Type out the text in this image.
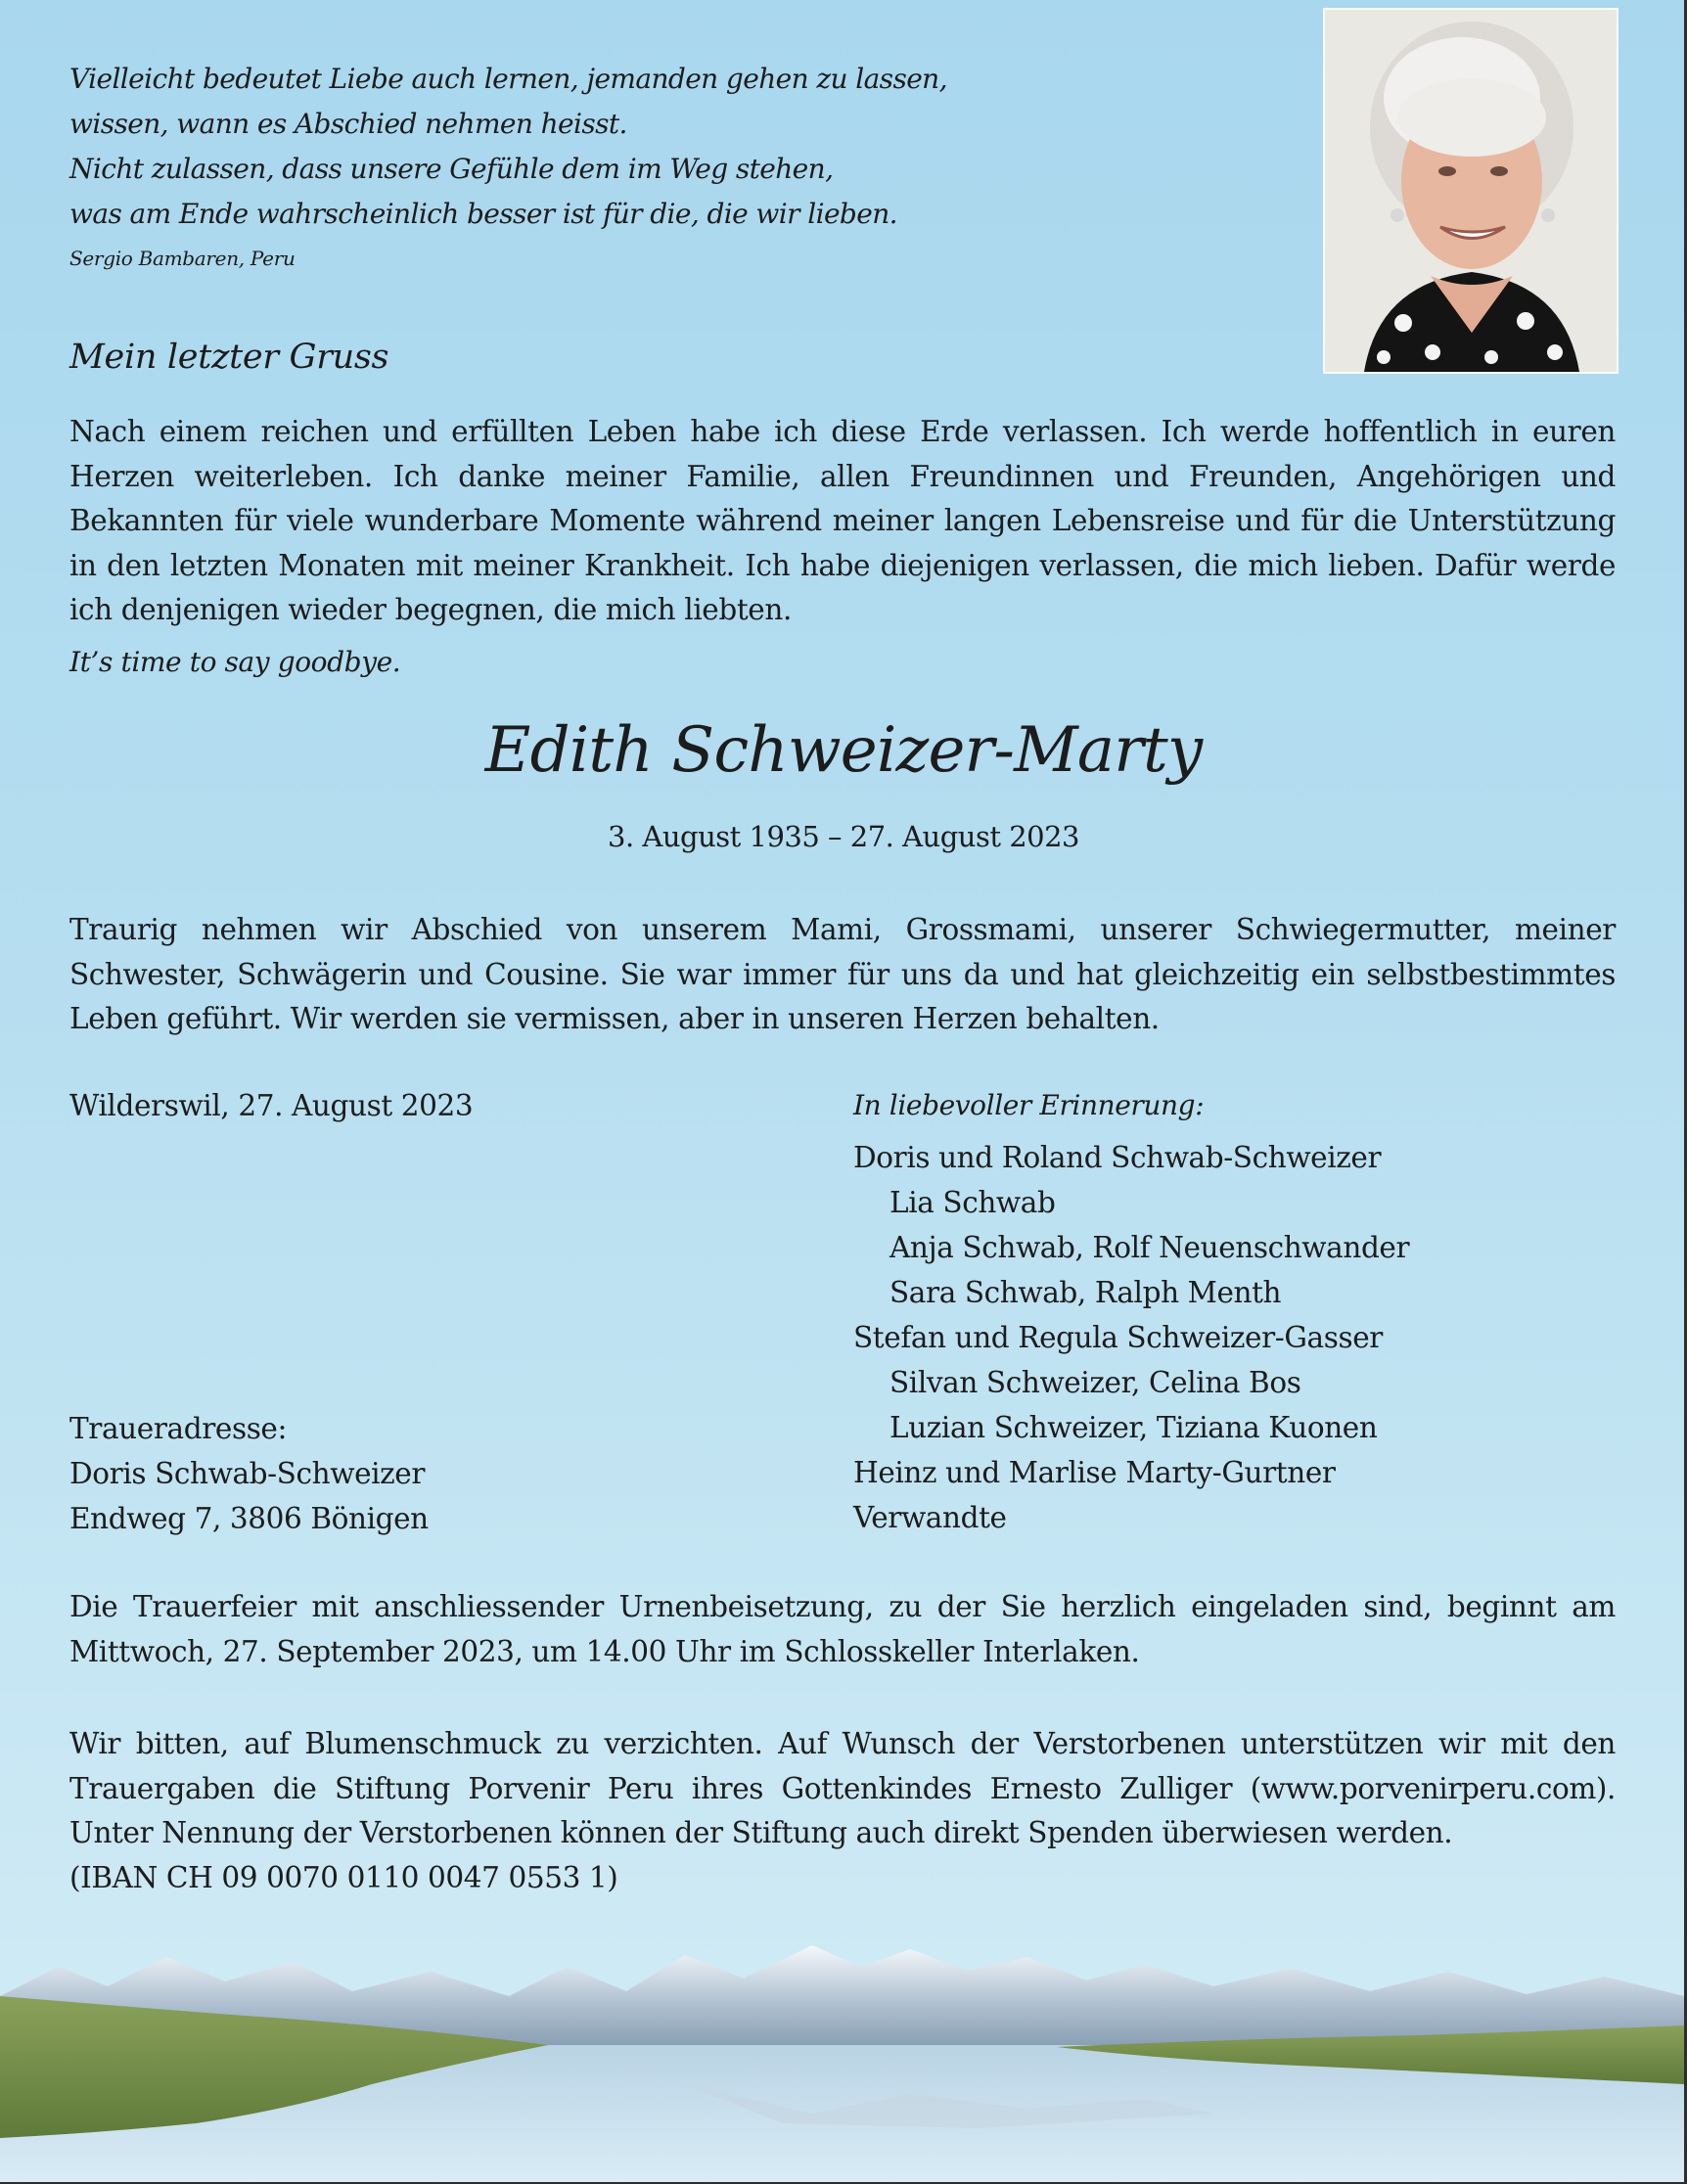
Vielleicht bedeutet Liebe auch lernen, jemanden gehen zu lassen,
wissen, wann es Abschied nehmen heisst.
Nicht zulassen, dass unsere Gefühle dem im Weg stehen,
was am Ende wahrscheinlich besser ist für die, die wir lieben.
Sergio Bambaren, Peru
Mein letzter Gruss

Nach einem reichen und erfüllten Leben habe ich diese Erde verlassen. Ich werde hoffentlich in euren Herzen weiterleben. Ich danke meiner Familie, allen Freundinnen und Freunden, Angehörigen und Bekannten für viele wunderbare Momente während meiner langen Lebensreise und für die Unterstützung in den letzten Monaten mit meiner Krankheit. Ich habe diejenigen verlassen, die mich lieben. Dafür werde ich denjenigen wieder begegnen, die mich liebten.

It’s time to say goodbye.
Edith Schweizer-Marty
3. August 1935 – 27. August 2023

Traurig nehmen wir Abschied von unserem Mami, Grossmami, unserer Schwiegermutter, meiner Schwester, Schwägerin und Cousine. Sie war immer für uns da und hat gleichzeitig ein selbstbestimmtes Leben geführt. Wir werden sie vermissen, aber in unseren Herzen behalten.

Wilderswil, 27. August 2023	In liebevoller Erinnerung:
Doris und Roland Schwab-Schweizer
Lia Schwab
Anja Schwab, Rolf Neuenschwander
Sara Schwab, Ralph Menth
Stefan und Regula Schweizer-Gasser
Silvan Schweizer, Celina Bos
Luzian Schweizer, Tiziana Kuonen
Heinz und Marlise Marty-Gurtner
Verwandte
Traueradresse:
Doris Schwab-Schweizer
Endweg 7, 3806 Bönigen

Die Trauerfeier mit anschliessender Urnenbeisetzung, zu der Sie herzlich eingeladen sind, beginnt am Mittwoch, 27. September 2023, um 14.00 Uhr im Schlosskeller Interlaken.

Wir bitten, auf Blumenschmuck zu verzichten. Auf Wunsch der Verstorbenen unterstützen wir mit den Trauergaben die Stiftung Porvenir Peru ihres Gottenkindes Ernesto Zulliger (www.porvenirperu.com). Unter Nennung der Verstorbenen können der Stiftung auch direkt Spenden überwiesen werden.
(IBAN CH 09 0070 0110 0047 0553 1)
